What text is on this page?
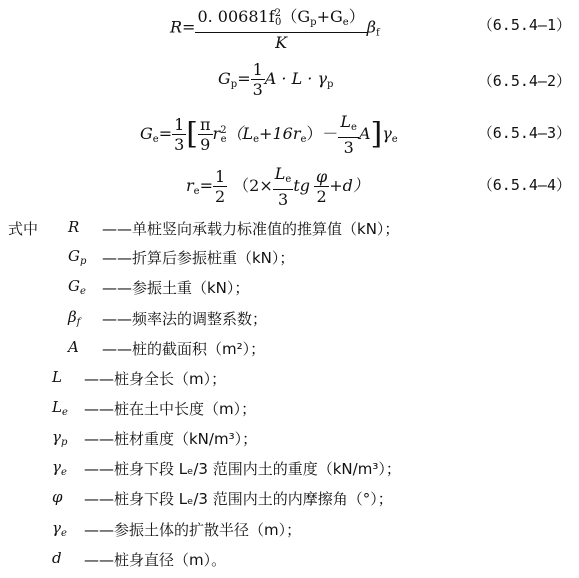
$R= \frac{0. 00681f^2_0(G_p+G_e)}{K} \beta_f$	（6.5.4—1）
$G_p= \frac{1}{3}$ $A \cdot L \cdot \gamma_p$	（6.5.4—2）
$G_e= \frac{1}{3}$ [ $\frac{\pi}{9} r^2_e(L_e+16r_e)- \frac{L_e}{3} A]\gamma_e$	（6.5.4—3）
$r_e= \frac{1}{2} (2\times \frac{L_e}{3}$ tg $\frac{\varphi}{2} +d$）	（6.5.4—4）
式中 R ——单桩竖向承载力标准值的推算值（kN）；
$G_p$ ——折算后参振桩重（kN）；
$G_e$ ——参振土重（kN）；
$\beta_f$ ——频率法的调整系数；
A ——桩的截面积（m²）；
L ——桩身全长（m）；
$L_e$ ——桩在土中长度（m）；
$\gamma_p$ ——桩材重度（kN/m³）；
$\gamma_e$ ——桩身下段 Lₑ/3 范围内土的重度（kN/m³）；
φ ——桩身下段 Lₑ/3 范围内土的内摩擦角（°）；
$\gamma_e$ ——参振土体的扩散半径（m）；
d ——桩身直径（m）。
